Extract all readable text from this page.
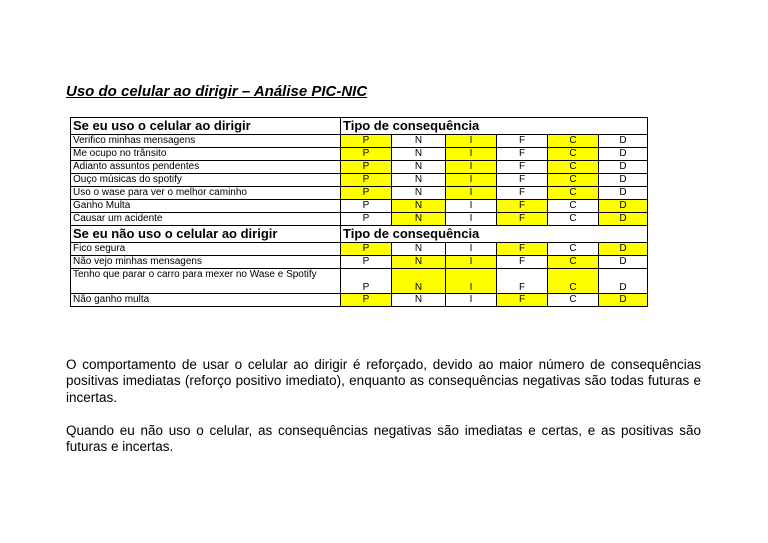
Uso do celular ao dirigir – Análise PIC-NIC
Se eu uso o celular ao dirigir	Tipo de consequência					
Verifico minhas mensagens	P	N	I	F	C	D
Me ocupo no trânsito	P	N	I	F	C	D
Adianto assuntos pendentes	P	N	I	F	C	D
Ouço músicas do spotify	P	N	I	F	C	D
Uso o wase para ver o melhor caminho	P	N	I	F	C	D
Ganho Multa	P	N	I	F	C	D
Causar um acidente	P	N	I	F	C	D
Se eu não uso o celular ao dirigir	Tipo de consequência					
Fico segura	P	N	I	F	C	D
Não vejo minhas mensagens	P	N	I	F	C	D
Tenho que parar o carro para mexer no Wase e Spotify	P	N	I	F	C	D
Não ganho multa	P	N	I	F	C	D

O comportamento de usar o celular ao dirigir é reforçado, devido ao maior número de consequências positivas imediatas (reforço positivo imediato), enquanto as consequências negativas são todas futuras e incertas.

Quando eu não uso o celular, as consequências negativas são imediatas e certas, e as positivas são futuras e incertas.
